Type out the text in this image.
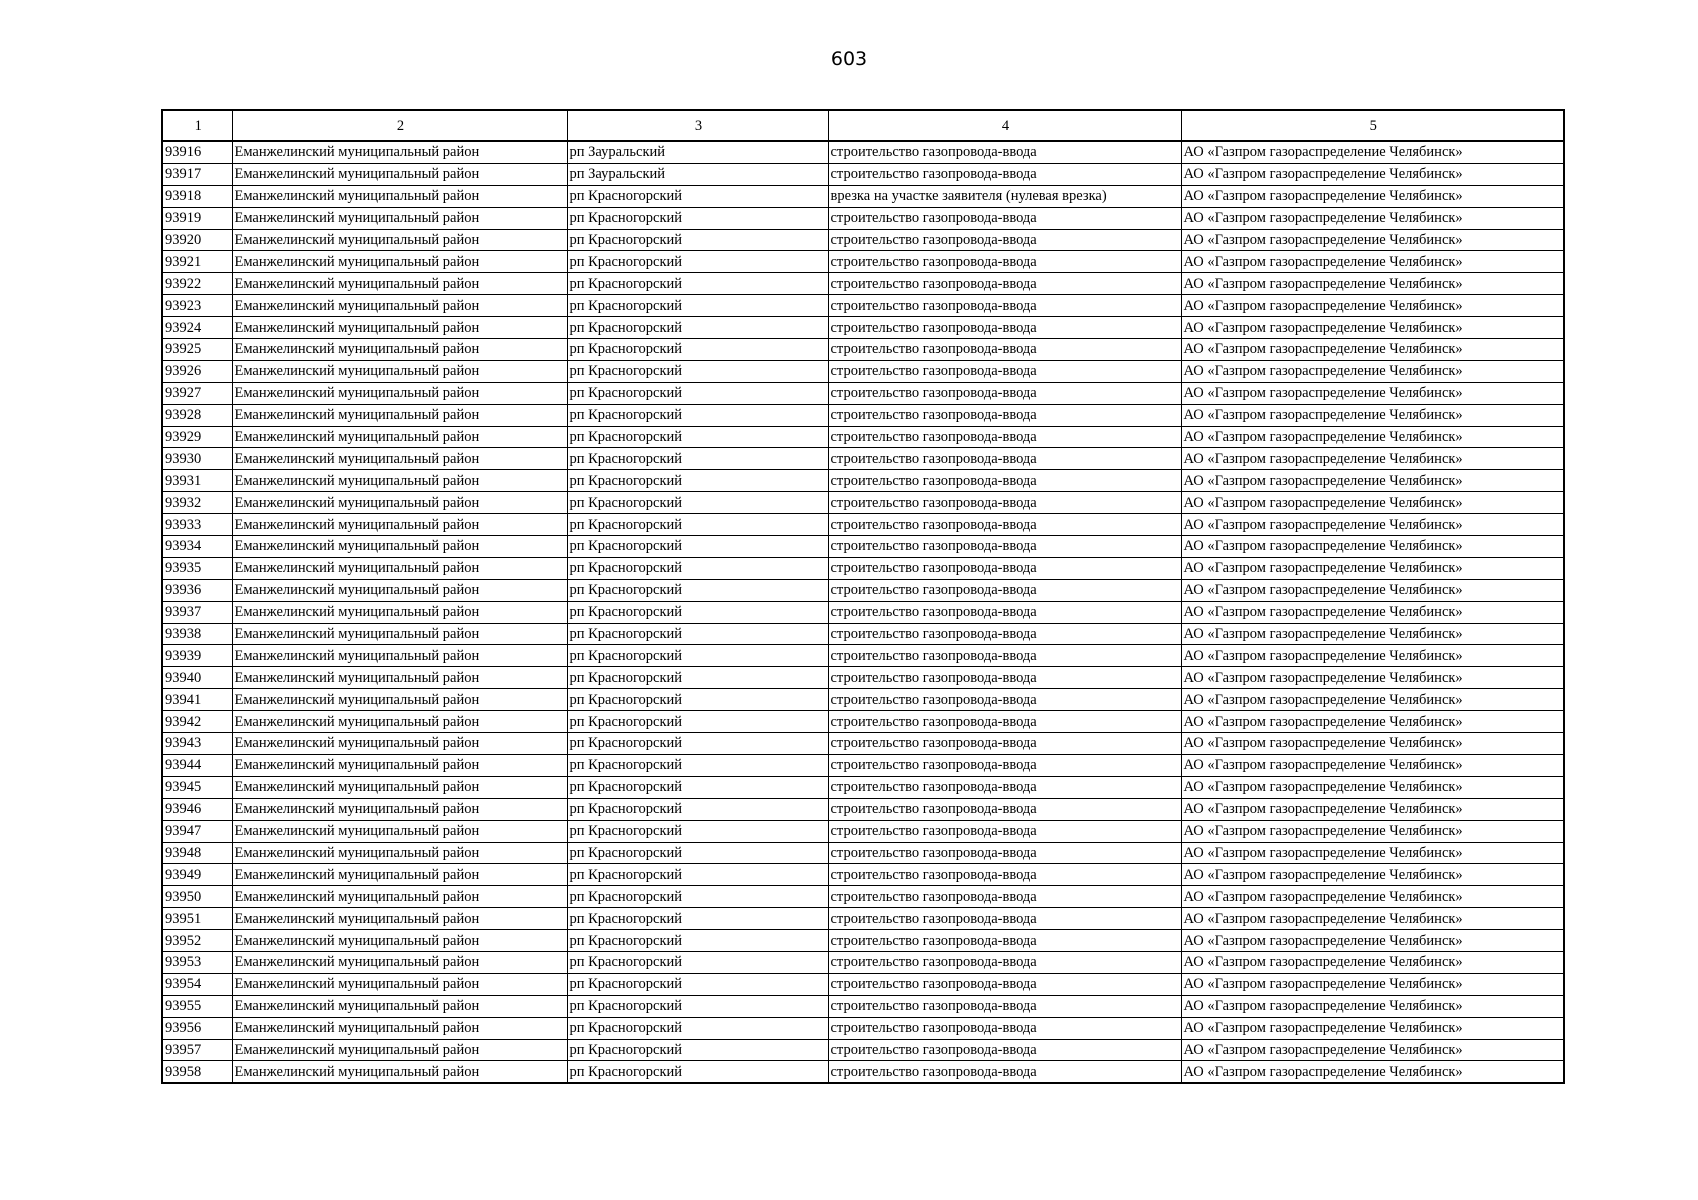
603
1	2	3	4	5
93916	Еманжелинский муниципальный район	рп Зауральский	строительство газопровода-ввода	АО «Газпром газораспределение Челябинск»
93917	Еманжелинский муниципальный район	рп Зауральский	строительство газопровода-ввода	АО «Газпром газораспределение Челябинск»
93918	Еманжелинский муниципальный район	рп Красногорский	врезка на участке заявителя (нулевая врезка)	АО «Газпром газораспределение Челябинск»
93919	Еманжелинский муниципальный район	рп Красногорский	строительство газопровода-ввода	АО «Газпром газораспределение Челябинск»
93920	Еманжелинский муниципальный район	рп Красногорский	строительство газопровода-ввода	АО «Газпром газораспределение Челябинск»
93921	Еманжелинский муниципальный район	рп Красногорский	строительство газопровода-ввода	АО «Газпром газораспределение Челябинск»
93922	Еманжелинский муниципальный район	рп Красногорский	строительство газопровода-ввода	АО «Газпром газораспределение Челябинск»
93923	Еманжелинский муниципальный район	рп Красногорский	строительство газопровода-ввода	АО «Газпром газораспределение Челябинск»
93924	Еманжелинский муниципальный район	рп Красногорский	строительство газопровода-ввода	АО «Газпром газораспределение Челябинск»
93925	Еманжелинский муниципальный район	рп Красногорский	строительство газопровода-ввода	АО «Газпром газораспределение Челябинск»
93926	Еманжелинский муниципальный район	рп Красногорский	строительство газопровода-ввода	АО «Газпром газораспределение Челябинск»
93927	Еманжелинский муниципальный район	рп Красногорский	строительство газопровода-ввода	АО «Газпром газораспределение Челябинск»
93928	Еманжелинский муниципальный район	рп Красногорский	строительство газопровода-ввода	АО «Газпром газораспределение Челябинск»
93929	Еманжелинский муниципальный район	рп Красногорский	строительство газопровода-ввода	АО «Газпром газораспределение Челябинск»
93930	Еманжелинский муниципальный район	рп Красногорский	строительство газопровода-ввода	АО «Газпром газораспределение Челябинск»
93931	Еманжелинский муниципальный район	рп Красногорский	строительство газопровода-ввода	АО «Газпром газораспределение Челябинск»
93932	Еманжелинский муниципальный район	рп Красногорский	строительство газопровода-ввода	АО «Газпром газораспределение Челябинск»
93933	Еманжелинский муниципальный район	рп Красногорский	строительство газопровода-ввода	АО «Газпром газораспределение Челябинск»
93934	Еманжелинский муниципальный район	рп Красногорский	строительство газопровода-ввода	АО «Газпром газораспределение Челябинск»
93935	Еманжелинский муниципальный район	рп Красногорский	строительство газопровода-ввода	АО «Газпром газораспределение Челябинск»
93936	Еманжелинский муниципальный район	рп Красногорский	строительство газопровода-ввода	АО «Газпром газораспределение Челябинск»
93937	Еманжелинский муниципальный район	рп Красногорский	строительство газопровода-ввода	АО «Газпром газораспределение Челябинск»
93938	Еманжелинский муниципальный район	рп Красногорский	строительство газопровода-ввода	АО «Газпром газораспределение Челябинск»
93939	Еманжелинский муниципальный район	рп Красногорский	строительство газопровода-ввода	АО «Газпром газораспределение Челябинск»
93940	Еманжелинский муниципальный район	рп Красногорский	строительство газопровода-ввода	АО «Газпром газораспределение Челябинск»
93941	Еманжелинский муниципальный район	рп Красногорский	строительство газопровода-ввода	АО «Газпром газораспределение Челябинск»
93942	Еманжелинский муниципальный район	рп Красногорский	строительство газопровода-ввода	АО «Газпром газораспределение Челябинск»
93943	Еманжелинский муниципальный район	рп Красногорский	строительство газопровода-ввода	АО «Газпром газораспределение Челябинск»
93944	Еманжелинский муниципальный район	рп Красногорский	строительство газопровода-ввода	АО «Газпром газораспределение Челябинск»
93945	Еманжелинский муниципальный район	рп Красногорский	строительство газопровода-ввода	АО «Газпром газораспределение Челябинск»
93946	Еманжелинский муниципальный район	рп Красногорский	строительство газопровода-ввода	АО «Газпром газораспределение Челябинск»
93947	Еманжелинский муниципальный район	рп Красногорский	строительство газопровода-ввода	АО «Газпром газораспределение Челябинск»
93948	Еманжелинский муниципальный район	рп Красногорский	строительство газопровода-ввода	АО «Газпром газораспределение Челябинск»
93949	Еманжелинский муниципальный район	рп Красногорский	строительство газопровода-ввода	АО «Газпром газораспределение Челябинск»
93950	Еманжелинский муниципальный район	рп Красногорский	строительство газопровода-ввода	АО «Газпром газораспределение Челябинск»
93951	Еманжелинский муниципальный район	рп Красногорский	строительство газопровода-ввода	АО «Газпром газораспределение Челябинск»
93952	Еманжелинский муниципальный район	рп Красногорский	строительство газопровода-ввода	АО «Газпром газораспределение Челябинск»
93953	Еманжелинский муниципальный район	рп Красногорский	строительство газопровода-ввода	АО «Газпром газораспределение Челябинск»
93954	Еманжелинский муниципальный район	рп Красногорский	строительство газопровода-ввода	АО «Газпром газораспределение Челябинск»
93955	Еманжелинский муниципальный район	рп Красногорский	строительство газопровода-ввода	АО «Газпром газораспределение Челябинск»
93956	Еманжелинский муниципальный район	рп Красногорский	строительство газопровода-ввода	АО «Газпром газораспределение Челябинск»
93957	Еманжелинский муниципальный район	рп Красногорский	строительство газопровода-ввода	АО «Газпром газораспределение Челябинск»
93958	Еманжелинский муниципальный район	рп Красногорский	строительство газопровода-ввода	АО «Газпром газораспределение Челябинск»
